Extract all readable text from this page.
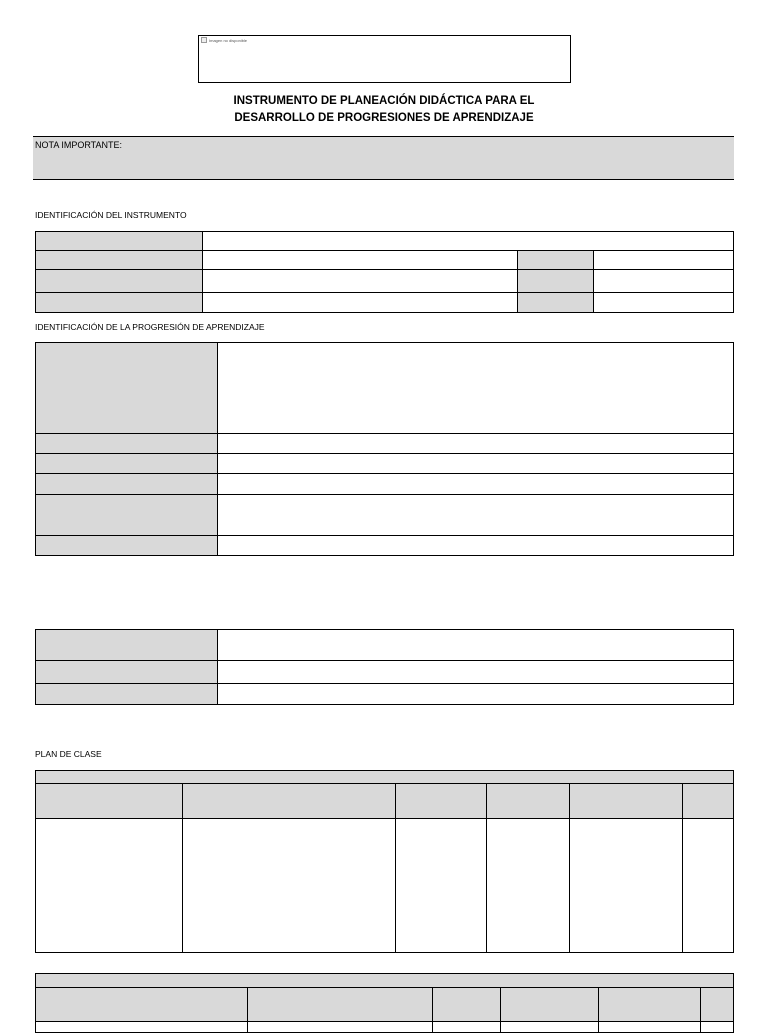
Imagen no disponible
INSTRUMENTO DE PLANEACIÓN DIDÁCTICA PARA EL
DESARROLLO DE PROGRESIONES DE APRENDIZAJE
NOTA IMPORTANTE:
IDENTIFICACIÓN DEL INSTRUMENTO
IDENTIFICACIÓN DE LA PROGRESIÓN DE APRENDIZAJE
PLAN DE CLASE
